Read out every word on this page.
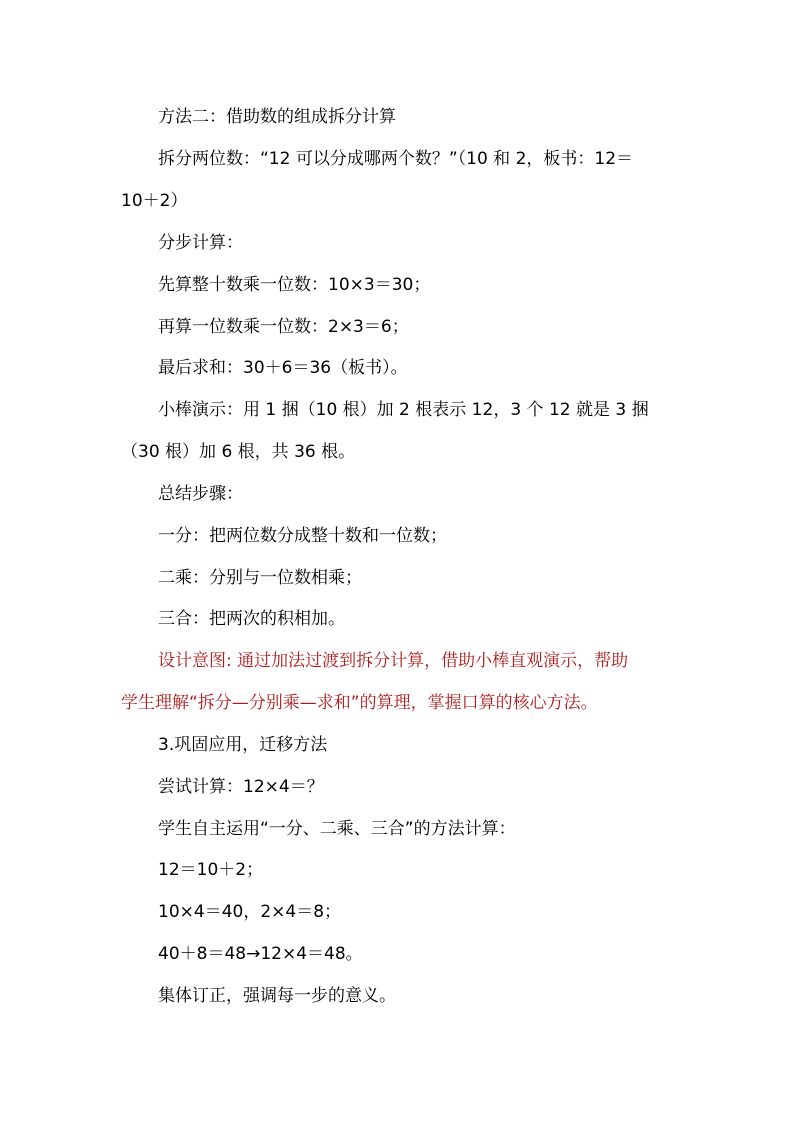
方法二：借助数的组成拆分计算
拆分两位数：“12 可以分成哪两个数？”（10 和 2，板书：12＝
10＋2）
分步计算：
先算整十数乘一位数：10×3＝30；
再算一位数乘一位数：2×3＝6；
最后求和：30＋6＝36（板书）。
小棒演示：用 1 捆（10 根）加 2 根表示 12，3 个 12 就是 3 捆
（30 根）加 6 根，共 36 根。
总结步骤：
一分：把两位数分成整十数和一位数；
二乘：分别与一位数相乘；
三合：把两次的积相加。
设计意图: 通过加法过渡到拆分计算，借助小棒直观演示，帮助
学生理解“拆分—分别乘—求和”的算理，掌握口算的核心方法。
3.巩固应用，迁移方法
尝试计算：12×4＝？
学生自主运用“一分、二乘、三合”的方法计算：
12＝10＋2；
10×4＝40，2×4＝8；
40＋8＝48→12×4＝48。
集体订正，强调每一步的意义。
